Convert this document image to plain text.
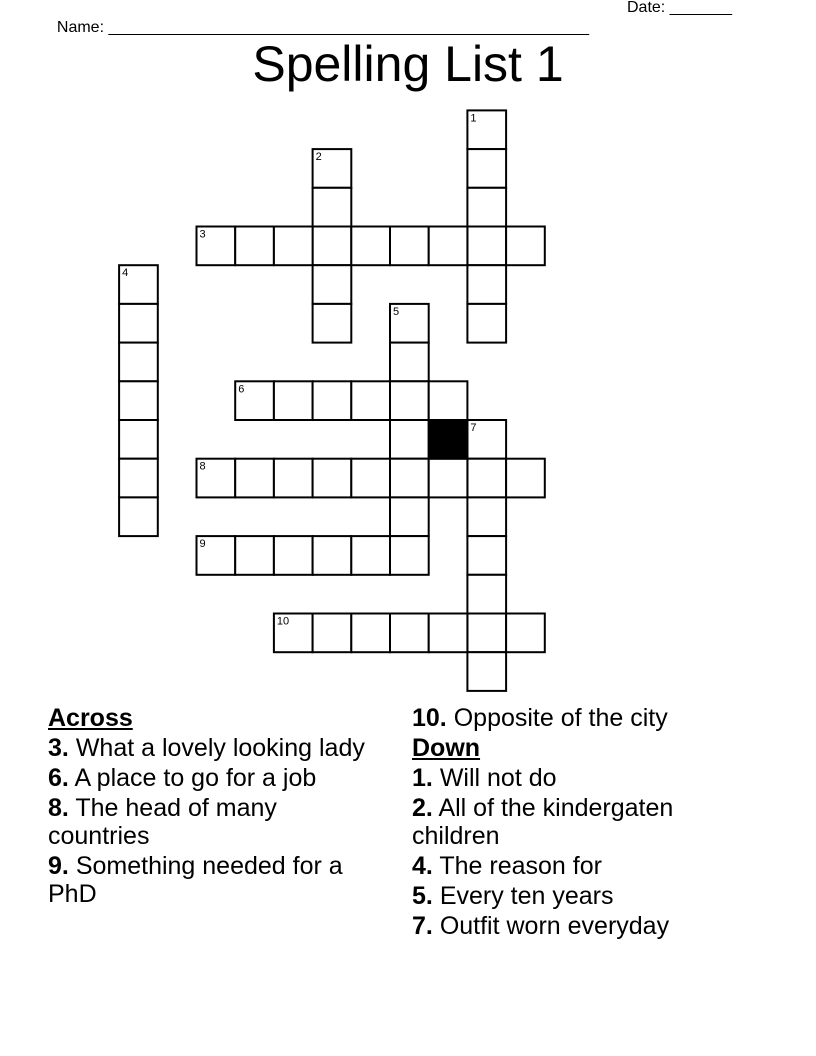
Name: ______________________________________________________

Date: _______

Spelling List 1
1
2
3
4
5
6
7
8
9
10
Across
3. What a lovely looking lady
6. A place to go for a job
8. The head of many countries
9. Something needed for a PhD
10. Opposite of the city
Down
1. Will not do
2. All of the kindergaten children
4. The reason for
5. Every ten years
7. Outfit worn everyday
